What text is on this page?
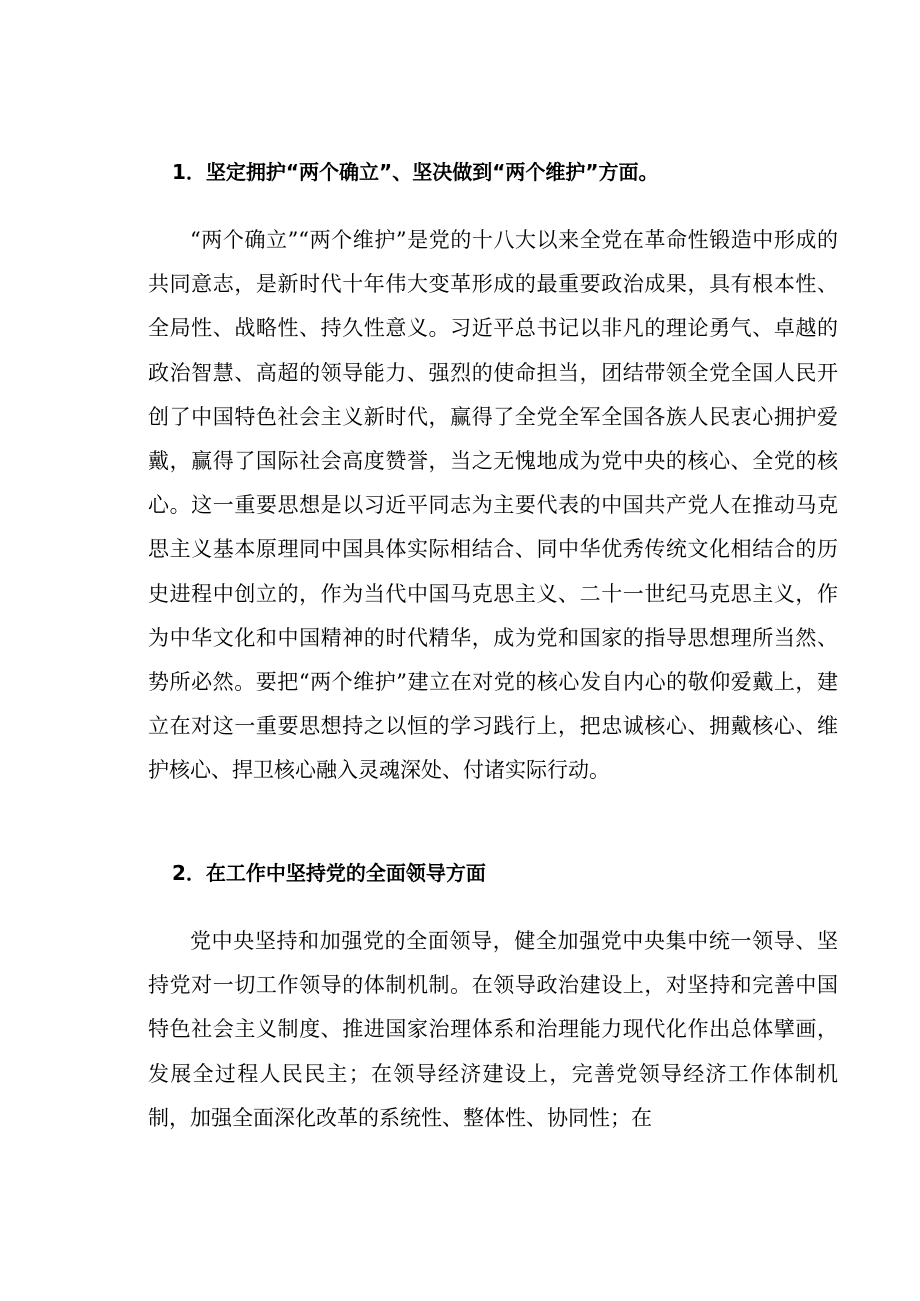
1．坚定拥护“两个确立”、坚决做到“两个维护”方面。

“两个确立”“两个维护”是党的十八大以来全党在革命性锻造中形成的共同意志，是新时代十年伟大变革形成的最重要政治成果，具有根本性、全局性、战略性、持久性意义。习近平总书记以非凡的理论勇气、卓越的政治智慧、高超的领导能力、强烈的使命担当，团结带领全党全国人民开创了中国特色社会主义新时代，赢得了全党全军全国各族人民衷心拥护爱戴，赢得了国际社会高度赞誉，当之无愧地成为党中央的核心、全党的核心。这一重要思想是以习近平同志为主要代表的中国共产党人在推动马克思主义基本原理同中国具体实际相结合、同中华优秀传统文化相结合的历史进程中创立的，作为当代中国马克思主义、二十一世纪马克思主义，作为中华文化和中国精神的时代精华，成为党和国家的指导思想理所当然、势所必然。要把“两个维护”建立在对党的核心发自内心的敬仰爱戴上，建立在对这一重要思想持之以恒的学习践行上，把忠诚核心、拥戴核心、维护核心、捍卫核心融入灵魂深处、付诸实际行动。

2．在工作中坚持党的全面领导方面

党中央坚持和加强党的全面领导，健全加强党中央集中统一领导、坚持党对一切工作领导的体制机制。在领导政治建设上，对坚持和完善中国特色社会主义制度、推进国家治理体系和治理能力现代化作出总体擘画，发展全过程人民民主；在领导经济建设上，完善党领导经济工作体制机制，加强全面深化改革的系统性、整体性、协同性；在
